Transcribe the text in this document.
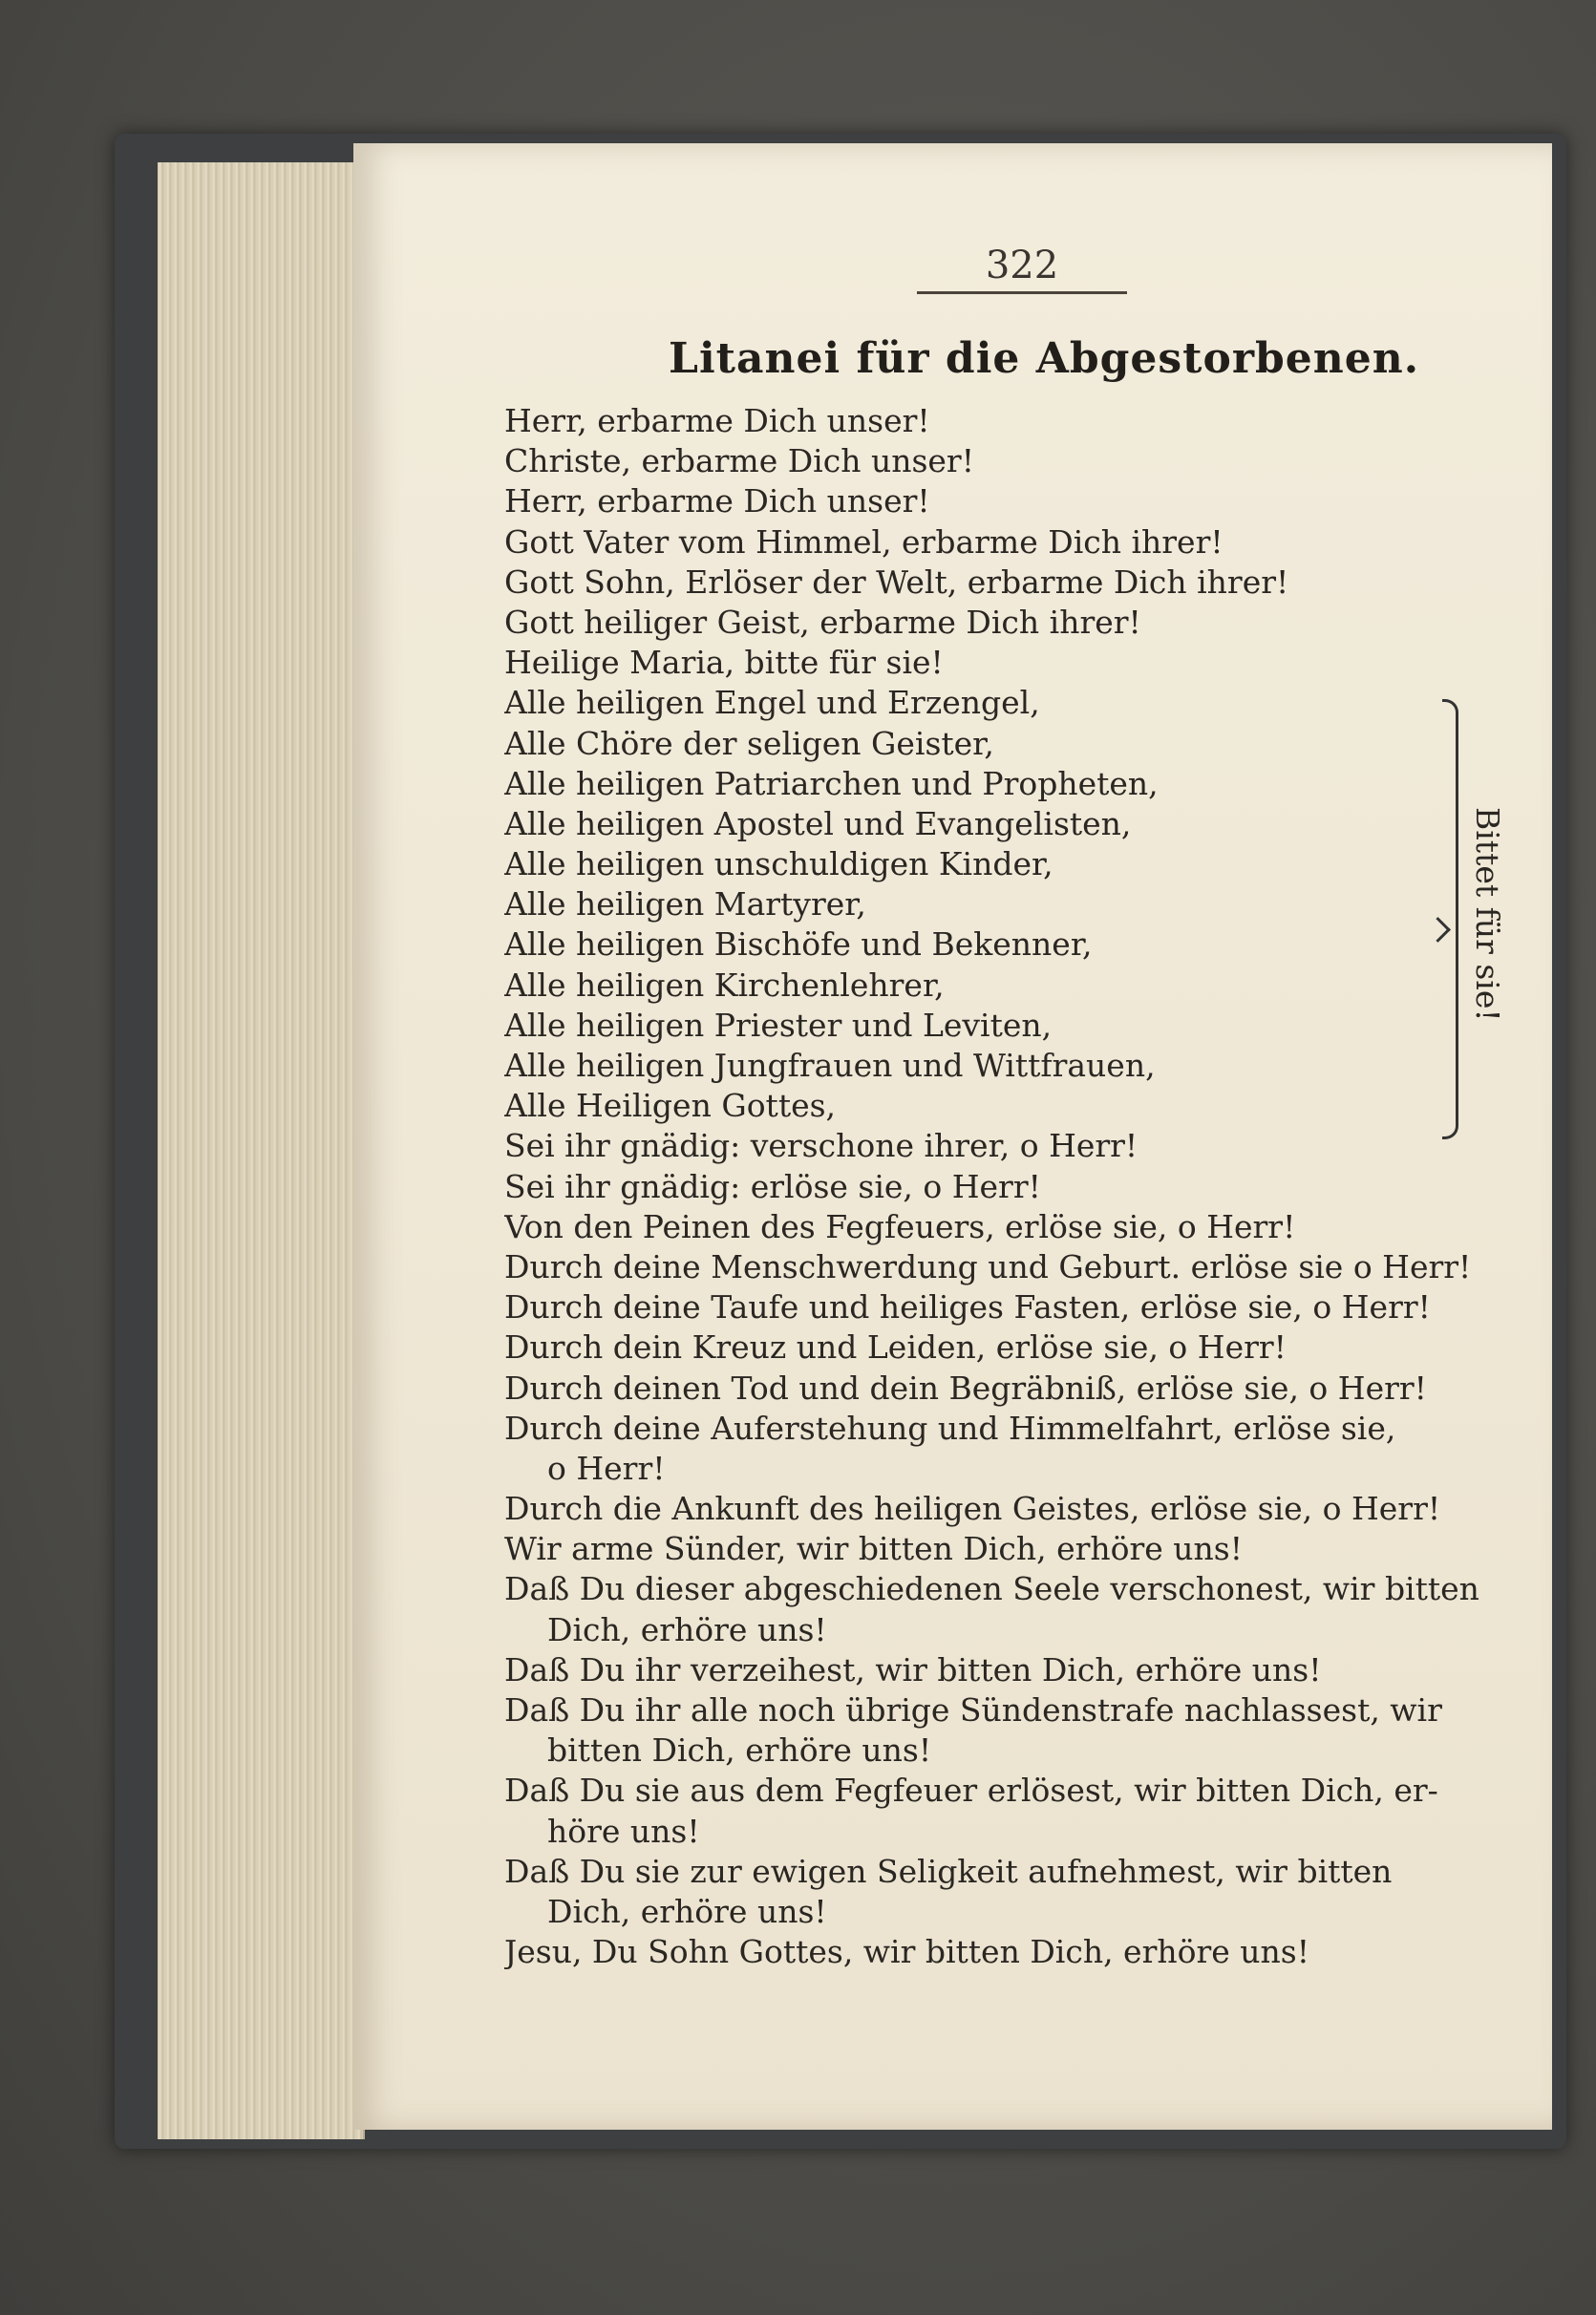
322
Litanei für die Abgestorbenen.
Herr, erbarme Dich unser!
Christe, erbarme Dich unser!
Herr, erbarme Dich unser!
Gott Vater vom Himmel, erbarme Dich ihrer!
Gott Sohn, Erlöser der Welt, erbarme Dich ihrer!
Gott heiliger Geist, erbarme Dich ihrer!
Heilige Maria, bitte für sie!
Alle heiligen Engel und Erzengel,
Alle Chöre der seligen Geister,
Alle heiligen Patriarchen und Propheten,
Alle heiligen Apostel und Evangelisten,
Alle heiligen unschuldigen Kinder,
Alle heiligen Martyrer,
Alle heiligen Bischöfe und Bekenner,
Alle heiligen Kirchenlehrer,
Alle heiligen Priester und Leviten,
Alle heiligen Jungfrauen und Wittfrauen,
Alle Heiligen Gottes,
Sei ihr gnädig: verschone ihrer, o Herr!
Sei ihr gnädig: erlöse sie, o Herr!
Von den Peinen des Fegfeuers, erlöse sie, o Herr!
Durch deine Menschwerdung und Geburt. erlöse sie o Herr!
Durch deine Taufe und heiliges Fasten, erlöse sie, o Herr!
Durch dein Kreuz und Leiden, erlöse sie, o Herr!
Durch deinen Tod und dein Begräbniß, erlöse sie, o Herr!
Durch deine Auferstehung und Himmelfahrt, erlöse sie,
o Herr!
Durch die Ankunft des heiligen Geistes, erlöse sie, o Herr!
Wir arme Sünder, wir bitten Dich, erhöre uns!
Daß Du dieser abgeschiedenen Seele verschonest, wir bitten
Dich, erhöre uns!
Daß Du ihr verzeihest, wir bitten Dich, erhöre uns!
Daß Du ihr alle noch übrige Sündenstrafe nachlassest, wir
bitten Dich, erhöre uns!
Daß Du sie aus dem Fegfeuer erlösest, wir bitten Dich, er-
höre uns!
Daß Du sie zur ewigen Seligkeit aufnehmest, wir bitten
Dich, erhöre uns!
Jesu, Du Sohn Gottes, wir bitten Dich, erhöre uns!
Bittet für sie!
